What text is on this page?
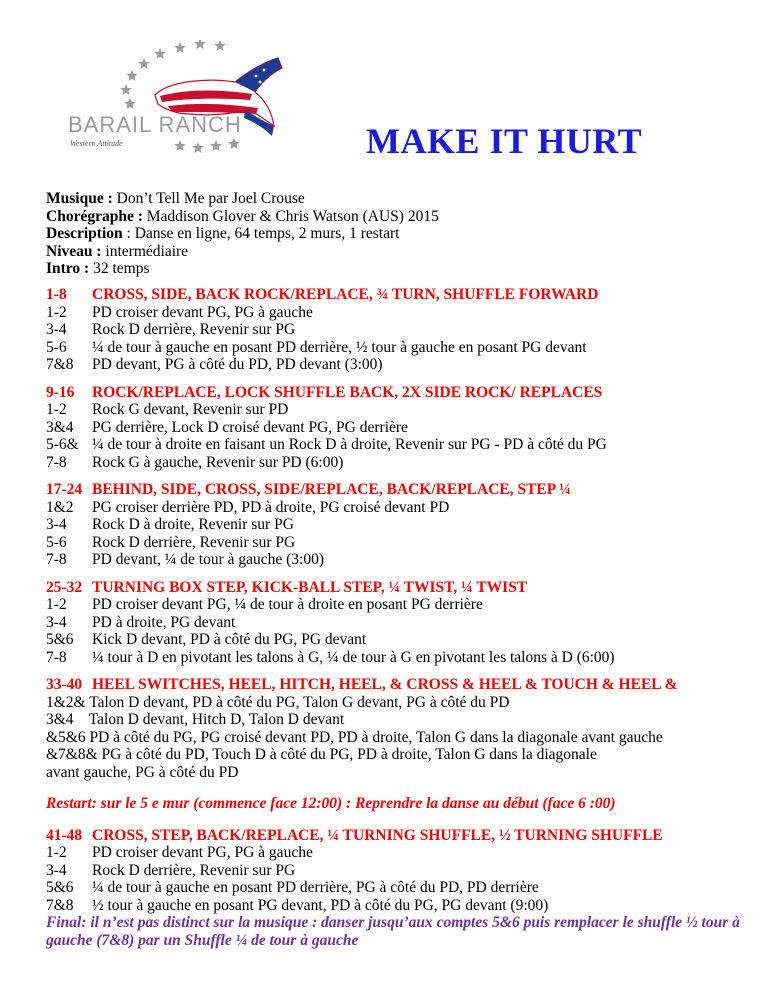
BARAIL RANCH
Western Attitude	MAKE IT HURT
Musique : Don’t Tell Me par Joel Crouse
Chorégraphe : Maddison Glover & Chris Watson (AUS) 2015
Description : Danse en ligne, 64 temps, 2 murs, 1 restart
Niveau : intermédiaire
Intro : 32 temps
1-8	CROSS, SIDE, BACK ROCK/REPLACE, ¾ TURN, SHUFFLE FORWARD
1-2	PD croiser devant PG, PG à gauche
3-4	Rock D derrière, Revenir sur PG
5-6	¼ de tour à gauche en posant PD derrière, ½ tour à gauche en posant PG devant
7&8	PD devant, PG à côté du PD, PD devant (3:00)
9-16	ROCK/REPLACE, LOCK SHUFFLE BACK, 2X SIDE ROCK/ REPLACES
1-2	Rock G devant, Revenir sur PD
3&4	PG derrière, Lock D croisé devant PG, PG derrière
5-6& ¼ de tour à droite en faisant un Rock D à droite, Revenir sur PG - PD à côté du PG
7-8	Rock G à gauche, Revenir sur PD (6:00)
17-24 BEHIND, SIDE, CROSS, SIDE/REPLACE, BACK/REPLACE, STEP ¼
1&2	PG croiser derrière PD, PD à droite, PG croisé devant PD
3-4	Rock D à droite, Revenir sur PG
5-6	Rock D derrière, Revenir sur PG
7-8	PD devant, ¼ de tour à gauche (3:00)
25-32 TURNING BOX STEP, KICK-BALL STEP, ¼ TWIST, ¼ TWIST
1-2	PD croiser devant PG, ¼ de tour à droite en posant PG derrière
3-4	PD à droite, PG devant
5&6	Kick D devant, PD à côté du PG, PG devant
7-8	¼ tour à D en pivotant les talons à G, ¼ de tour à G en pivotant les talons à D (6:00)
33-40 HEEL SWITCHES, HEEL, HITCH, HEEL, & CROSS & HEEL & TOUCH & HEEL &
1&2& Talon D devant, PD à côté du PG, Talon G devant, PG à côté du PD
3&4    Talon D devant, Hitch D, Talon D devant
&5&6 PD à côté du PG, PG croisé devant PD, PD à droite, Talon G dans la diagonale avant gauche
&7&8& PG à côté du PD, Touch D à côté du PG, PD à droite, Talon G dans la diagonale
avant gauche, PG à côté du PD
Restart: sur le 5 e mur (commence face 12:00) : Reprendre la danse au début (face 6 :00)
41-48 CROSS, STEP, BACK/REPLACE, ¼ TURNING SHUFFLE, ½ TURNING SHUFFLE
1-2	PD croiser devant PG, PG à gauche
3-4	Rock D derrière, Revenir sur PG
5&6	¼ de tour à gauche en posant PD derrière, PG à côté du PD, PD derrière
7&8	½ tour à gauche en posant PG devant, PD à côté du PG, PG devant (9:00)
Final: il n’est pas distinct sur la musique : danser jusqu’aux comptes 5&6 puis remplacer le shuffle ½ tour à gauche (7&8) par un Shuffle ¼ de tour à gauche
